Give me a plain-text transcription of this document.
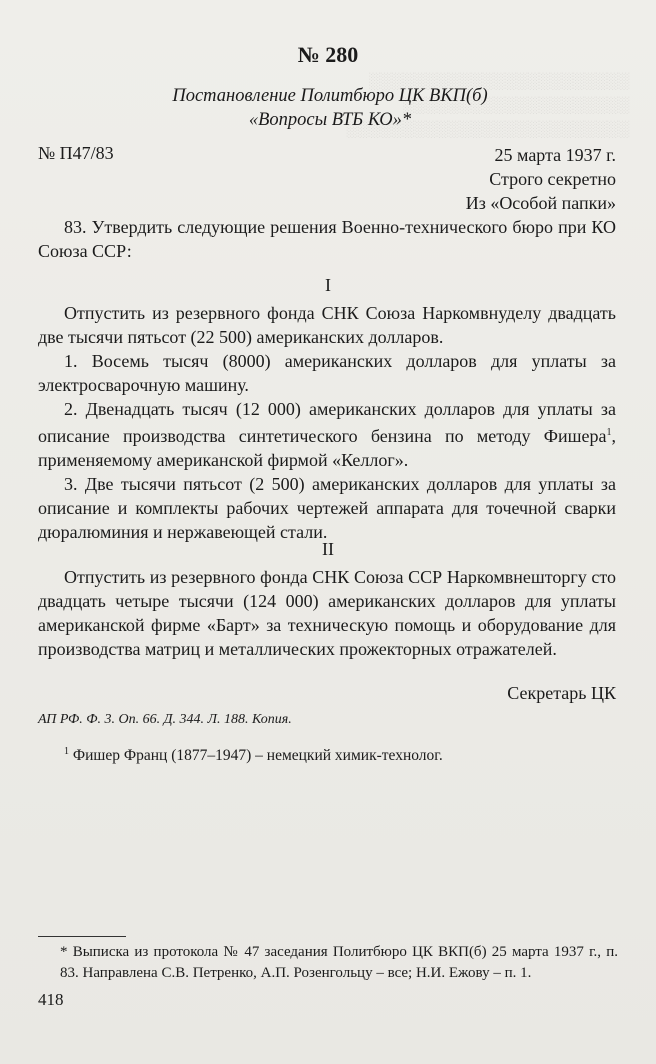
░░░░░░░░░░░░░░░░░░░░░░░
░░░░░░░░░░░░░░░░░░░░
░░░░░░░░░░░░░░░░░░░░░░░░░
№ 280
Постановление Политбюро ЦК ВКП(б)
«Вопросы ВТБ КО»*
№ П47/83	25 марта 1937 г.
Строго секретно
Из «Особой папки»

83. Утвердить следующие решения Военно-технического бюро при КО Союза ССР:

I

Отпустить из резервного фонда СНК Союза Наркомвнуделу двадцать две тысячи пятьсот (22 500) американских долларов.

1. Восемь тысяч (8000) американских долларов для уплаты за электросварочную машину.

2. Двенадцать тысяч (12 000) американских долларов для уплаты за описание производства синтетического бензина по методу Фишера$^1$, применяемому американской фирмой «Келлог».

3. Две тысячи пятьсот (2 500) американских долларов для уплаты за описание и комплекты рабочих чертежей аппарата для точечной сварки дюралюминия и нержавеющей стали.

II

Отпустить из резервного фонда СНК Союза ССР Наркомвнешторгу сто двадцать четыре тысячи (124 000) американских долларов для уплаты американской фирме «Барт» за техническую помощь и оборудование для производства матриц и металлических прожекторных отражателей.

Секретарь ЦК
АП РФ. Ф. 3. Оп. 66. Д. 344. Л. 188. Копия.
$^1$ Фишер Франц (1877–1947) – немецкий химик-технолог.
* Выписка из протокола № 47 заседания Политбюро ЦК ВКП(б) 25 марта 1937 г., п. 83. Направлена С.В. Петренко, А.П. Розенгольцу – все; Н.И. Ежову – п. 1.
418
